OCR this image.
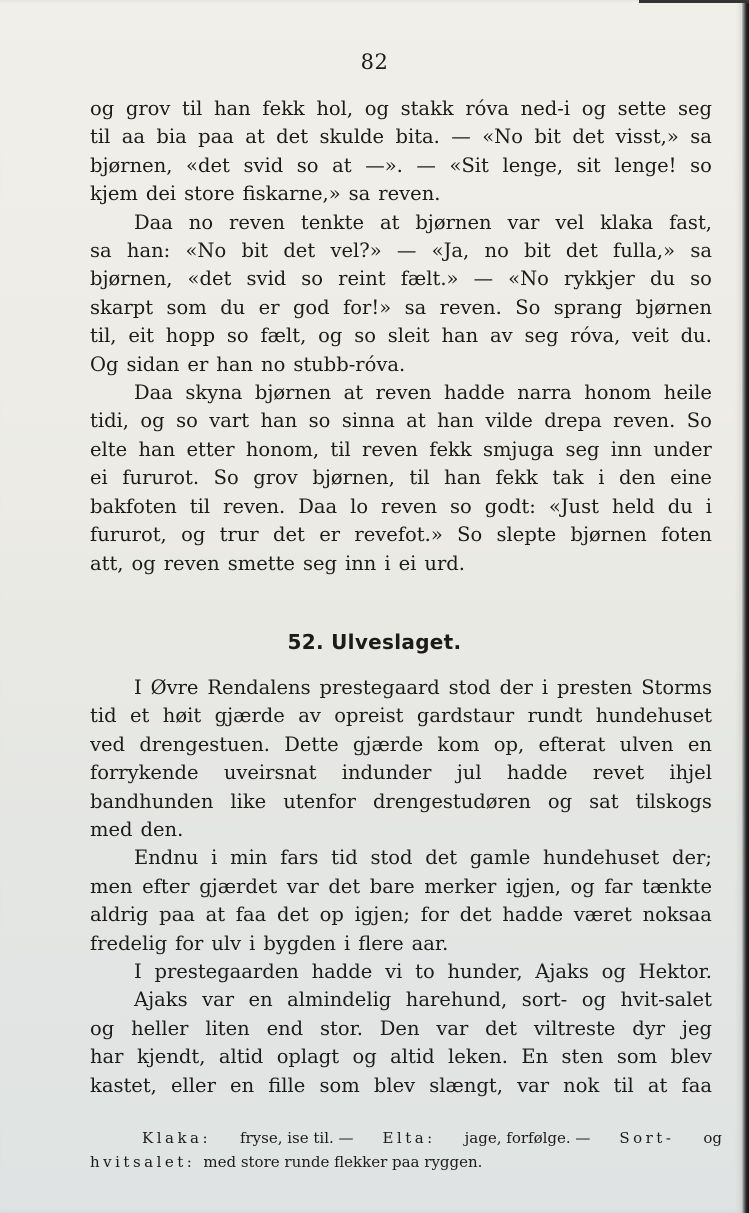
82
og grov til han fekk hol, og stakk róva ned-i og sette seg
til aa bia paa at det skulde bita. — «No bit det visst,» sa
bjørnen, «det svid so at —». — «Sit lenge, sit lenge! so
kjem dei store fiskarne,» sa reven.
Daa no reven tenkte at bjørnen var vel klaka fast,
sa han: «No bit det vel?» — «Ja, no bit det fulla,» sa
bjørnen, «det svid so reint fælt.» — «No rykkjer du so
skarpt som du er god for!» sa reven. So sprang bjørnen
til, eit hopp so fælt, og so sleit han av seg róva, veit du.
Og sidan er han no stubb-róva.
Daa skyna bjørnen at reven hadde narra honom heile
tidi, og so vart han so sinna at han vilde drepa reven. So
elte han etter honom, til reven fekk smjuga seg inn under
ei fururot. So grov bjørnen, til han fekk tak i den eine
bakfoten til reven. Daa lo reven so godt: «Just held du i
fururot, og trur det er revefot.» So slepte bjørnen foten
att, og reven smette seg inn i ei urd.
52. Ulveslaget.
I Øvre Rendalens prestegaard stod der i presten Storms
tid et høit gjærde av opreist gardstaur rundt hundehuset
ved drengestuen. Dette gjærde kom op, efterat ulven en
forrykende uveirsnat indunder jul hadde revet ihjel
bandhunden like utenfor drengestudøren og sat tilskogs
med den.
Endnu i min fars tid stod det gamle hundehuset der;
men efter gjærdet var det bare merker igjen, og far tænkte
aldrig paa at faa det op igjen; for det hadde været noksaa
fredelig for ulv i bygden i flere aar.
I prestegaarden hadde vi to hunder, Ajaks og Hektor.
Ajaks var en almindelig harehund, sort- og hvit-salet
og heller liten end stor. Den var det viltreste dyr jeg
har kjendt, altid oplagt og altid leken. En sten som blev
kastet, eller en fille som blev slængt, var nok til at faa
Klaka: fryse, ise til. — Elta: jage, forfølge. — Sort- og
hvitsalet: med store runde flekker paa ryggen.
